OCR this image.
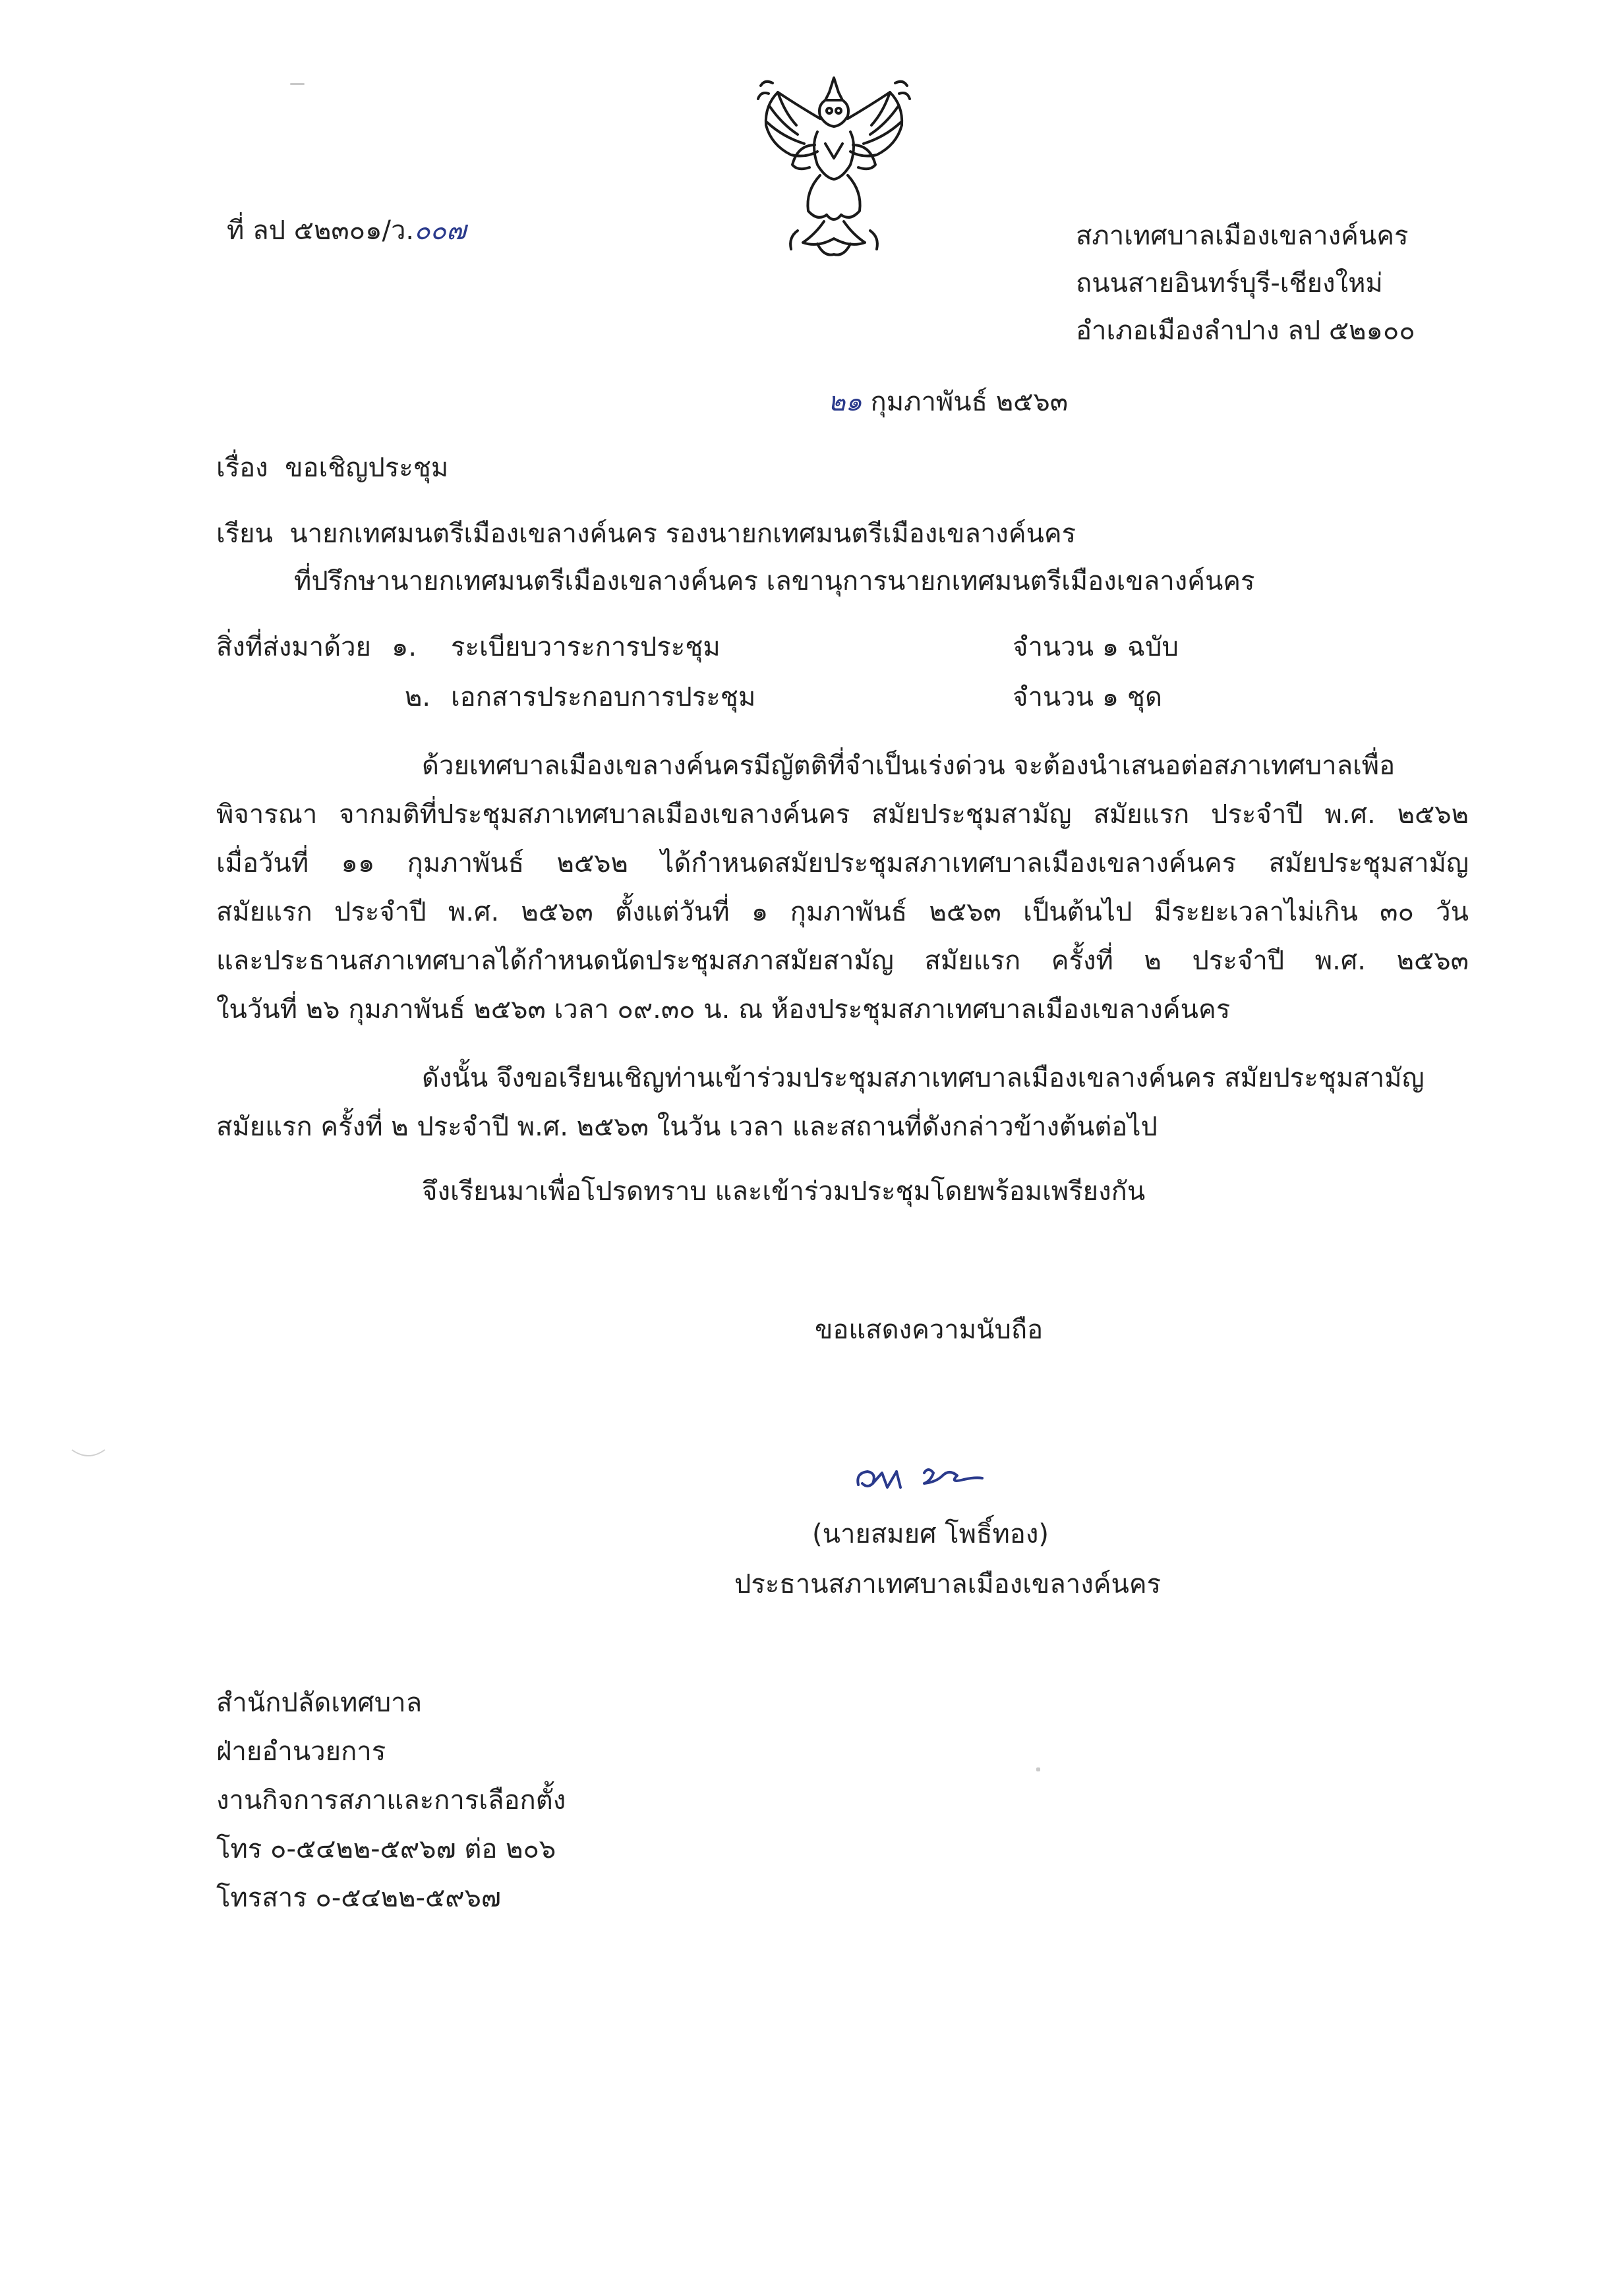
ที่ ลป ๕๒๓๐๑/ว.๐๐๗	สภาเทศบาลเมืองเขลางค์นคร
ถนนสายอินทร์บุรี-เชียงใหม่
อำเภอเมืองลำปาง ลป ๕๒๑๐๐
๒๑ กุมภาพันธ์ ๒๕๖๓
เรื่อง ขอเชิญประชุม
เรียน นายกเทศมนตรีเมืองเขลางค์นคร รองนายกเทศมนตรีเมืองเขลางค์นคร
ที่ปรึกษานายกเทศมนตรีเมืองเขลางค์นคร เลขานุการนายกเทศมนตรีเมืองเขลางค์นคร
สิ่งที่ส่งมาด้วย ๑. ระเบียบวาระการประชุม	จำนวน ๑ ฉบับ
๒. เอกสารประกอบการประชุม	จำนวน ๑ ชุด
ด้วยเทศบาลเมืองเขลางค์นครมีญัตติที่จำเป็นเร่งด่วน จะต้องนำเสนอต่อสภาเทศบาลเพื่อ
พิจารณา จากมติที่ประชุมสภาเทศบาลเมืองเขลางค์นคร สมัยประชุมสามัญ สมัยแรก ประจำปี พ.ศ. ๒๕๖๒
เมื่อวันที่ ๑๑ กุมภาพันธ์ ๒๕๖๒ ได้กำหนดสมัยประชุมสภาเทศบาลเมืองเขลางค์นคร สมัยประชุมสามัญ
สมัยแรก ประจำปี พ.ศ. ๒๕๖๓ ตั้งแต่วันที่ ๑ กุมภาพันธ์ ๒๕๖๓ เป็นต้นไป มีระยะเวลาไม่เกิน ๓๐ วัน
และประธานสภาเทศบาลได้กำหนดนัดประชุมสภาสมัยสามัญ สมัยแรก ครั้งที่ ๒ ประจำปี พ.ศ. ๒๕๖๓
ในวันที่ ๒๖ กุมภาพันธ์ ๒๕๖๓ เวลา ๐๙.๓๐ น. ณ ห้องประชุมสภาเทศบาลเมืองเขลางค์นคร
ดังนั้น จึงขอเรียนเชิญท่านเข้าร่วมประชุมสภาเทศบาลเมืองเขลางค์นคร สมัยประชุมสามัญ
สมัยแรก ครั้งที่ ๒ ประจำปี พ.ศ. ๒๕๖๓ ในวัน เวลา และสถานที่ดังกล่าวข้างต้นต่อไป
จึงเรียนมาเพื่อโปรดทราบ และเข้าร่วมประชุมโดยพร้อมเพรียงกัน
ขอแสดงความนับถือ
(นายสมยศ โพธิ์ทอง)
ประธานสภาเทศบาลเมืองเขลางค์นคร
สำนักปลัดเทศบาล
ฝ่ายอำนวยการ
งานกิจการสภาและการเลือกตั้ง
โทร ๐-๕๔๒๒-๕๙๖๗ ต่อ ๒๐๖
โทรสาร ๐-๕๔๒๒-๕๙๖๗
